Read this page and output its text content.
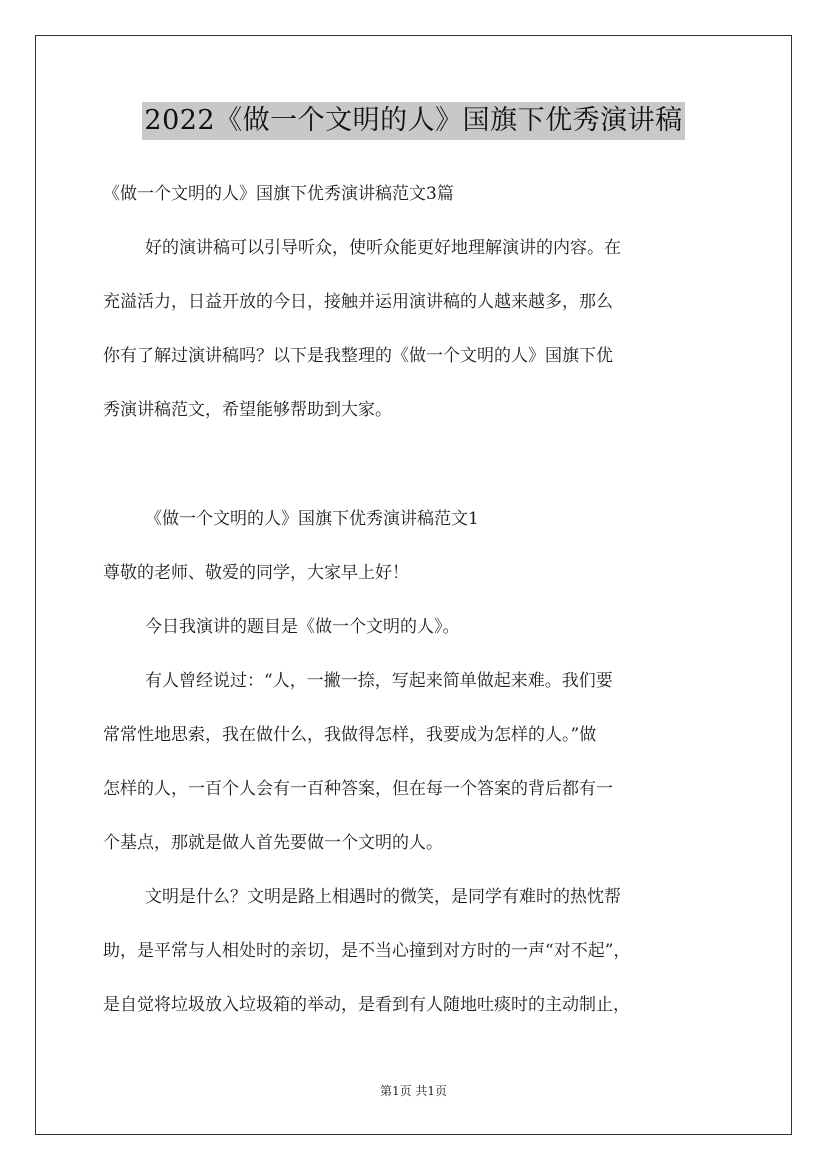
2022《做一个文明的人》国旗下优秀演讲稿
《做一个文明的人》国旗下优秀演讲稿范文3篇
好的演讲稿可以引导听众，使听众能更好地理解演讲的内容。在
充溢活力，日益开放的今日，接触并运用演讲稿的人越来越多，那么
你有了解过演讲稿吗？以下是我整理的《做一个文明的人》国旗下优
秀演讲稿范文，希望能够帮助到大家。
《做一个文明的人》国旗下优秀演讲稿范文1
尊敬的老师、敬爱的同学，大家早上好！
今日我演讲的题目是《做一个文明的人》。
有人曾经说过：“人，一撇一捺，写起来简单做起来难。我们要
常常性地思索，我在做什么，我做得怎样，我要成为怎样的人。”做
怎样的人，一百个人会有一百种答案，但在每一个答案的背后都有一
个基点，那就是做人首先要做一个文明的人。
文明是什么？文明是路上相遇时的微笑，是同学有难时的热忱帮
助，是平常与人相处时的亲切，是不当心撞到对方时的一声“对不起”，
是自觉将垃圾放入垃圾箱的举动，是看到有人随地吐痰时的主动制止，
第1页 共1页
